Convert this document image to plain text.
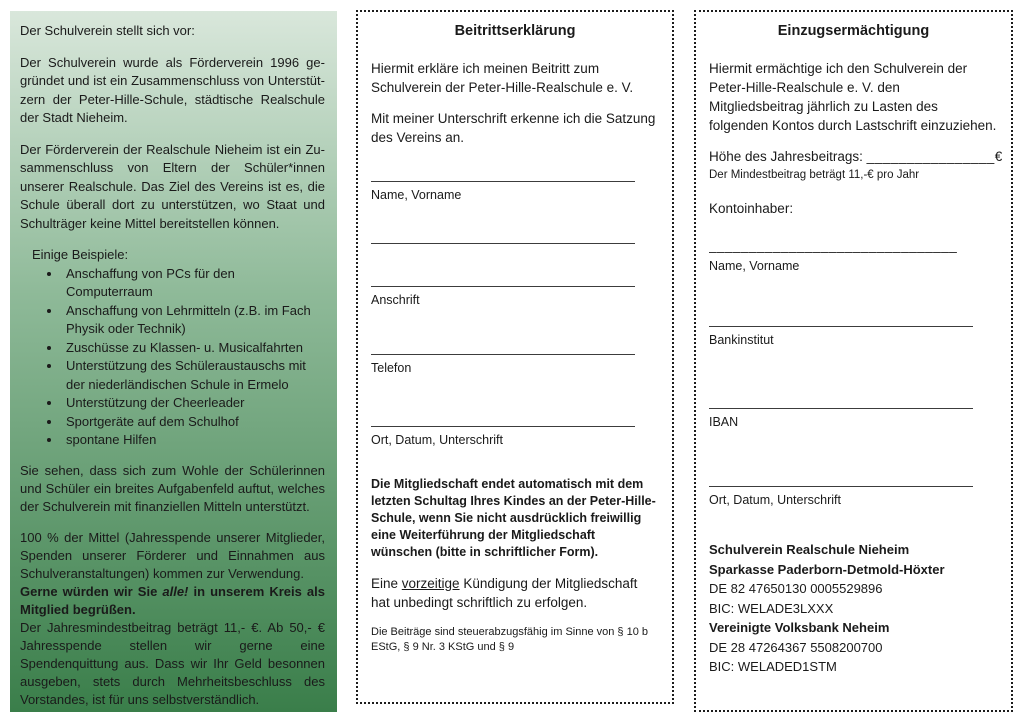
Der Schulverein stellt sich vor:

Der Schulverein wurde als Förderverein 1996 gegründet und ist ein Zusammenschluss von Unterstützern der Peter-Hille-Schule, städtische Realschule der Stadt Nieheim.

Der Förderverein der Realschule Nieheim ist ein Zusammenschluss von Eltern der Schüler*innen unserer Realschule. Das Ziel des Vereins ist es, die Schule überall dort zu unterstützen, wo Staat und Schulträger keine Mittel bereitstellen können.

Einige Beispiele:

• Anschaffung von PCs für den Computerraum
• Anschaffung von Lehrmitteln (z.B. im Fach Physik oder Technik)
• Zuschüsse zu Klassen- u. Musicalfahrten
• Unterstützung des Schüleraustauschs mit der niederländischen Schule in Ermelo
• Unterstützung der Cheerleader
• Sportgeräte auf dem Schulhof
• spontane Hilfen

Sie sehen, dass sich zum Wohle der Schülerinnen und Schüler ein breites Aufgabenfeld auftut, welches der Schulverein mit finanziellen Mitteln unterstützt.

100 % der Mittel (Jahresspende unserer Mitglieder, Spenden unserer Förderer und Einnahmen aus Schulveranstaltungen) kommen zur Verwendung.

Gerne würden wir Sie alle! in unserem Kreis als Mitglied begrüßen.

Der Jahresmindestbeitrag beträgt 11,- €. Ab 50,- € Jahresspende stellen wir gerne eine Spendenquittung aus. Dass wir Ihr Geld besonnen ausgeben, stets durch Mehrheitsbeschluss des Vorstandes, ist für uns selbstverständlich.

Beitrittserklärung

Hiermit erkläre ich meinen Beitritt zum Schulverein der Peter-Hille-Realschule e. V.

Mit meiner Unterschrift erkenne ich die Satzung des Vereins an.

Name, Vorname
Anschrift
Telefon
Ort, Datum, Unterschrift

Die Mitgliedschaft endet automatisch mit dem letzten Schultag Ihres Kindes an der Peter-Hille-Schule, wenn Sie nicht ausdrücklich freiwillig eine Weiterführung der Mitgliedschaft wünschen (bitte in schriftlicher Form).

Eine vorzeitige Kündigung der Mitgliedschaft hat unbedingt schriftlich zu erfolgen.

Die Beiträge sind steuerabzugsfähig im Sinne von § 10 b EStG, § 9 Nr. 3 KStG und § 9

Einzugsermächtigung

Hiermit ermächtige ich den Schulverein der Peter-Hille-Realschule e. V. den Mitgliedsbeitrag jährlich zu Lasten des folgenden Kontos durch Lastschrift einzuziehen.

Höhe des Jahresbeitrags: ________________€
Der Mindestbeitrag beträgt 11,-€ pro Jahr
Kontoinhaber:
_______________________________
Name, Vorname
Bankinstitut
IBAN
Ort, Datum, Unterschrift
Schulverein Realschule Nieheim
Sparkasse Paderborn-Detmold-Höxter
DE 82 47650130 0005529896
BIC: WELADE3LXXX
Vereinigte Volksbank Neheim
DE 28 47264367 5508200700
BIC: WELADED1STM
